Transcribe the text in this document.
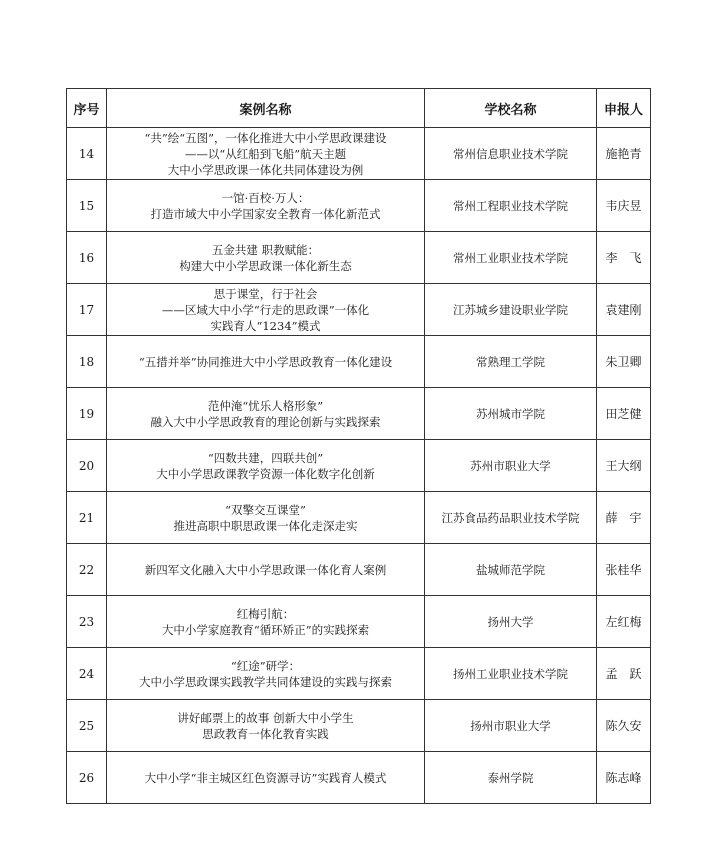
序号	案例名称	学校名称	申报人
14	“共”绘“五图”，一体化推进大中小学思政课建设
——以“从红船到飞船”航天主题
大中小学思政课一体化共同体建设为例	常州信息职业技术学院	施艳青
15	一馆·百校·万人：
打造市域大中小学国家安全教育一体化新范式	常州工程职业技术学院	韦庆昱
16	五金共建 职教赋能：
构建大中小学思政课一体化新生态	常州工业职业技术学院	李　飞
17	思于课堂，行于社会
——区域大中小学“行走的思政课”一体化
实践育人“1234”模式	江苏城乡建设职业学院	袁建刚
18	“五措并举”协同推进大中小学思政教育一体化建设	常熟理工学院	朱卫卿
19	范仲淹“忧乐人格形象”
融入大中小学思政教育的理论创新与实践探索	苏州城市学院	田芝健
20	“四数共建，四联共创”
大中小学思政课教学资源一体化数字化创新	苏州市职业大学	王大纲
21	“双擎交互课堂”
推进高职中职思政课一体化走深走实	江苏食品药品职业技术学院	薛　宇
22	新四军文化融入大中小学思政课一体化育人案例	盐城师范学院	张桂华
23	红梅引航：
大中小学家庭教育“循环矫正”的实践探索	扬州大学	左红梅
24	“红途”研学：
大中小学思政课实践教学共同体建设的实践与探索	扬州工业职业技术学院	孟　跃
25	讲好邮票上的故事 创新大中小学生
思政教育一体化教育实践	扬州市职业大学	陈久安
26	大中小学“非主城区红色资源寻访”实践育人模式	泰州学院	陈志峰
